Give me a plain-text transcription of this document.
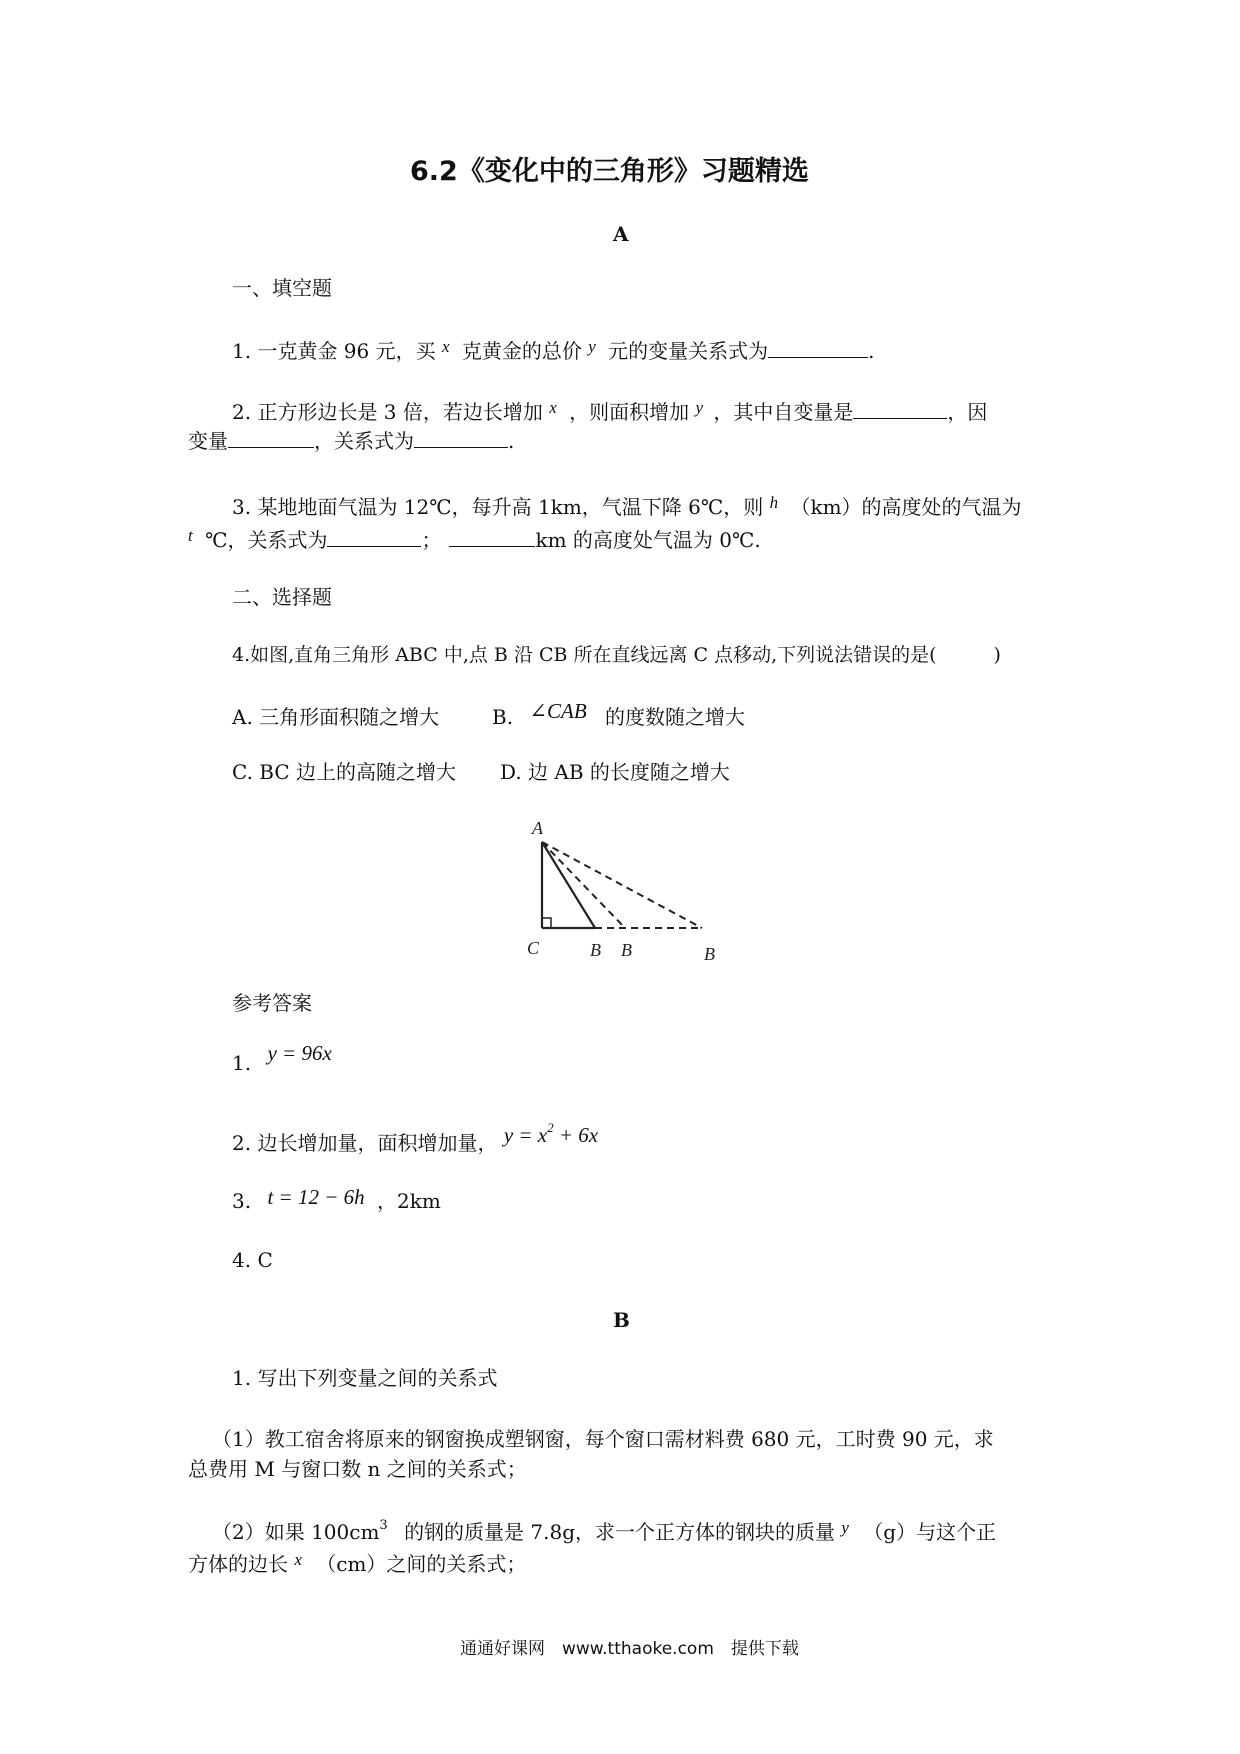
6.2《变化中的三角形》习题精选
A
一、填空题
1. 一克黄金 96 元，买 $^x$ 克黄金的总价 $^y$ 元的变量关系式为	.
2. 正方形边长是 3 倍，若边长增加 $^x$ ，则面积增加 $^y$ ，其中自变量是	，因
变量	，关系式为	.
3. 某地地面气温为 12℃，每升高 1km，气温下降 6℃，则 $^h$ （km）的高度处的气温为
$^t$ ℃，关系式为	；	km 的高度处气温为 0℃.
二、选择题
4.如图,直角三角形 ABC 中,点 B 沿 CB 所在直线远离 C 点移动,下列说法错误的是(　　　)
A. 三角形面积随之增大	B. ∠CAB 的度数随之增大
C. BC 边上的高随之增大 D. 边 AB 的长度随之增大
A
C	B B	B
参考答案
1. y = 96x
2. 边长增加量，面积增加量， $y = x^2 + 6x$
3. t = 12 − 6h ，2km
4. C
B
1. 写出下列变量之间的关系式
（1）教工宿舍将原来的钢窗换成塑钢窗，每个窗口需材料费 680 元，工时费 90 元，求
总费用 M 与窗口数 n 之间的关系式；
（2）如果 $100cm^3$ 的钢的质量是 7.8g，求一个正方体的钢块的质量 $^y$ （g）与这个正
方体的边长 $^x$ （cm）之间的关系式；
通通好课网　www.tthaoke.com　提供下载
